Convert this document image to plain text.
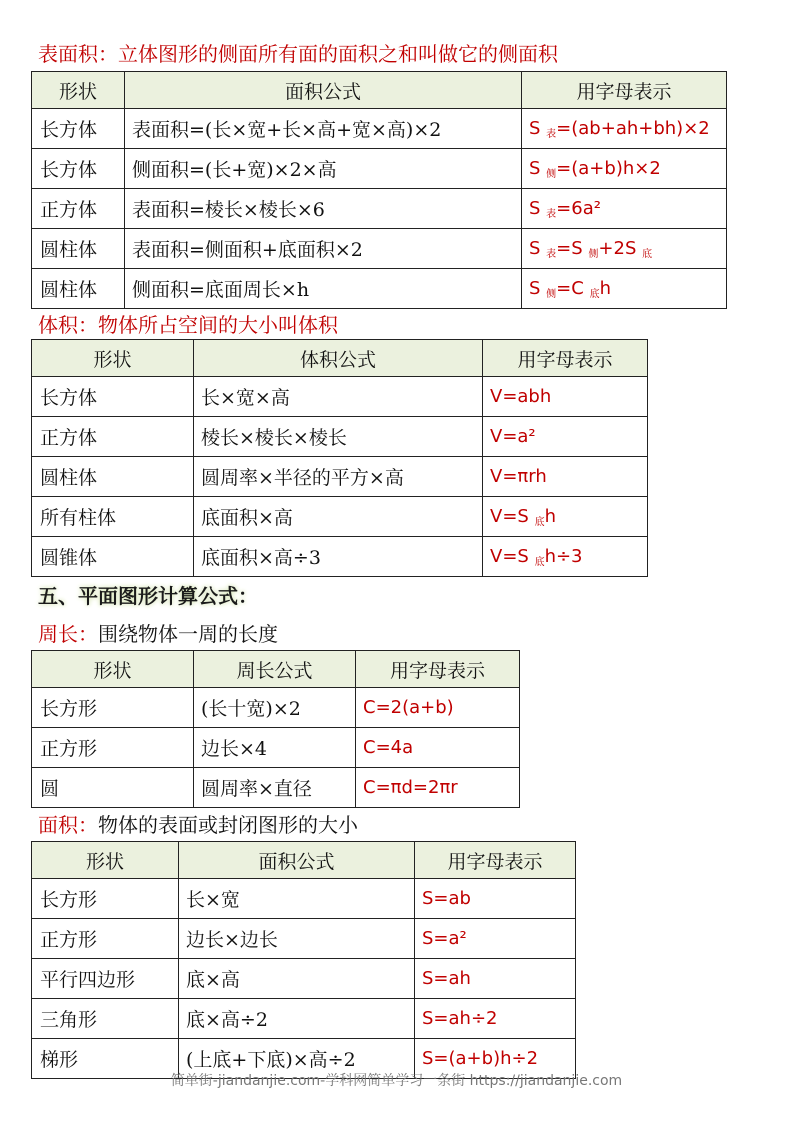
表面积：立体图形的侧面所有面的面积之和叫做它的侧面积
形状	面积公式	用字母表示
长方体	表面积=(长×宽+长×高+宽×高)×2	S $_表$=(ab+ah+bh)×2
长方体	侧面积=(长+宽)×2×高	S $_侧$=(a+b)h×2
正方体	表面积=棱长×棱长×6	S $_表$=6a²
圆柱体	表面积=侧面积+底面积×2	S $_表$=S $_侧$+2S $_底$
圆柱体	侧面积=底面周长×h	S $_侧$=C $_底$h
体积：物体所占空间的大小叫体积
形状	体积公式	用字母表示
长方体	长×宽×高	V=abh
正方体	棱长×棱长×棱长	V=a²
圆柱体	圆周率×半径的平方×高	V=πrh
所有柱体	底面积×高	V=S $_底$h
圆锥体	底面积×高÷3	V=S $_底$h÷3
五、平面图形计算公式：
周长：围绕物体一周的长度
形状	周长公式	用字母表示
长方形	(长十宽)×2	C=2(a+b)
正方形	边长×4	C=4a
圆	圆周率×直径	C=πd=2πr
面积：物体的表面或封闭图形的大小
形状	面积公式	用字母表示
长方形	长×宽	S=ab
正方形	边长×边长	S=a²
平行四边形	底×高	S=ah
三角形	底×高÷2	S=ah÷2
梯形	(上底+下底)×高÷2	S=(a+b)h÷2
简单街-jiandanjie.com-学科网简单学习一条街 https://jiandanjie.com
